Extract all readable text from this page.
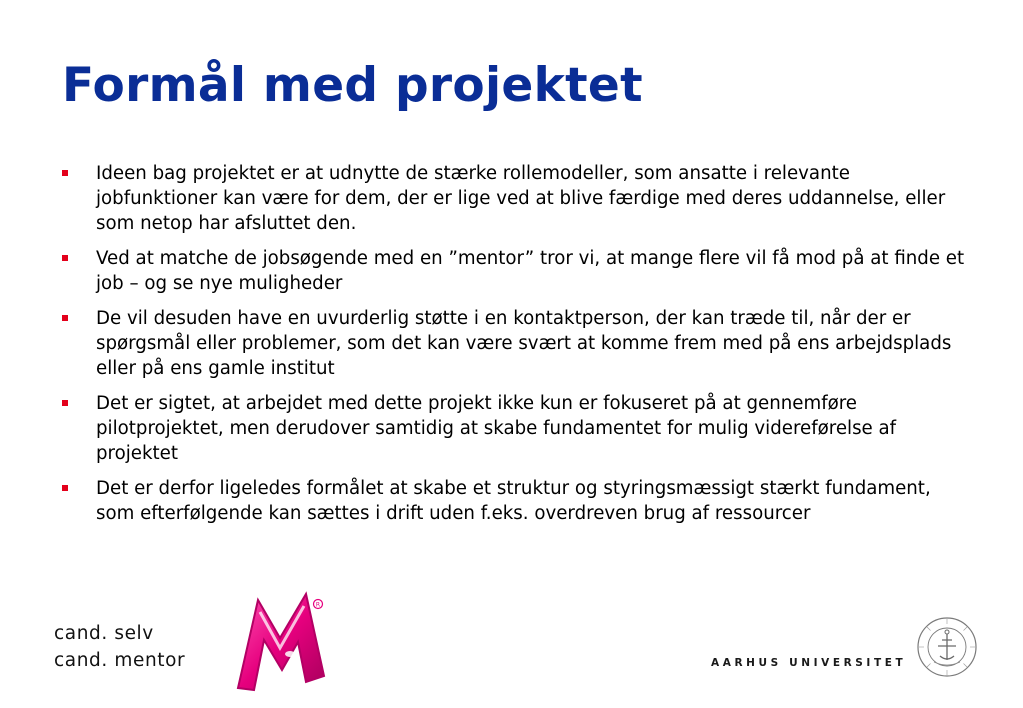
Formål med projektet
Ideen bag projektet er at udnytte de stærke rollemodeller, som ansatte i relevante jobfunktioner kan være for dem, der er lige ved at blive færdige med deres uddannelse, eller som netop har afsluttet den.
Ved at matche de jobsøgende med en ”mentor” tror vi, at mange flere vil få mod på at finde et job – og se nye muligheder
De vil desuden have en uvurderlig støtte i en kontaktperson, der kan træde til, når der er spørgsmål eller problemer, som det kan være svært at komme frem med på ens arbejdsplads eller på ens gamle institut
Det er sigtet, at arbejdet med dette projekt ikke kun er fokuseret på at gennemføre pilotprojektet, men derudover samtidig at skabe fundamentet for mulig videreførelse af projektet
Det er derfor ligeledes formålet at skabe et struktur og styringsmæssigt stærkt fundament, som efterfølgende kan sættes i drift uden f.eks. overdreven brug af ressourcer
cand. selv
cand. mentor
R
AARHUS UNIVERSITET
